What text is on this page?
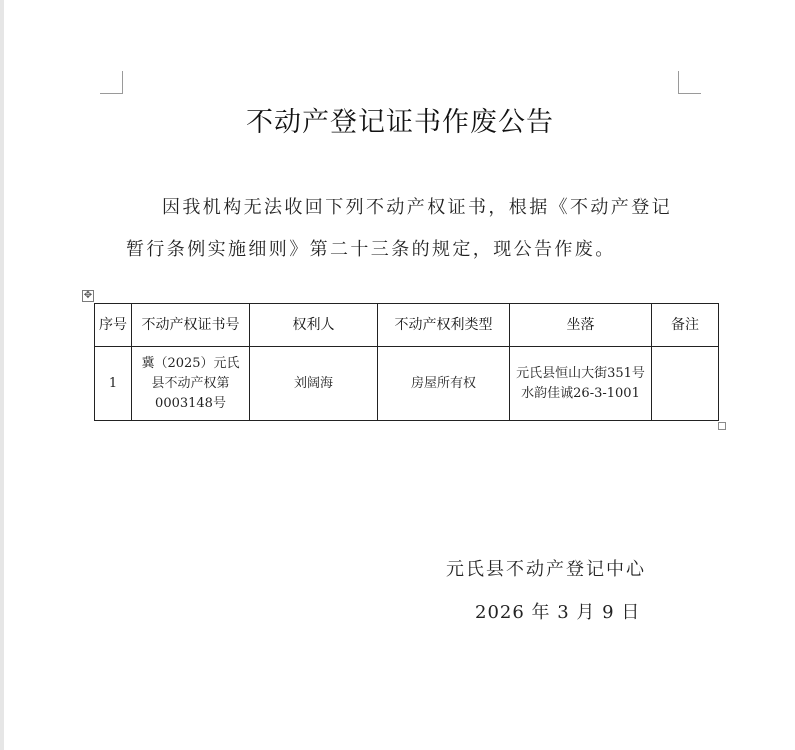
不动产登记证书作废公告
因我机构无法收回下列不动产权证书，根据《不动产登记暂行条例实施细则》第二十三条的规定，现公告作废。
✥
序号	不动产权证书号	权利人	不动产权利类型	坐落	备注
1	冀（2025）元氏县不动产权第0003148号	刘阔海	房屋所有权	元氏县恒山大街351号水韵佳诚26-3-1001	
元氏县不动产登记中心
2026 年 3 月 9 日
